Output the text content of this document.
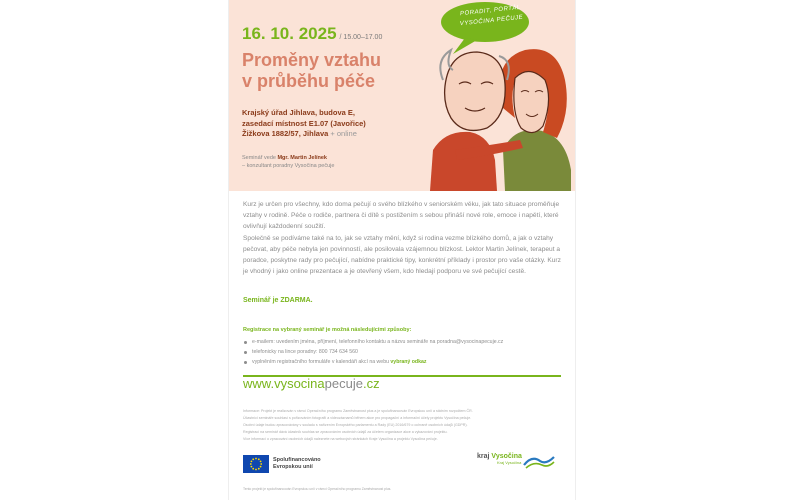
16. 10. 2025 / 15.00–17.00
Proměny vztahu
v průběhu péče
Krajský úřad Jihlava, budova E,
zasedací místnost E1.07 (Javořice)
Žižkova 1882/57, Jihlava + online
Seminář vede Mgr. Martin Jelínek
– konzultant poradny Vysočina pečuje
PORADIT, PORTÁL
VYSOČINA PEČUJE

Kurz je určen pro všechny, kdo doma pečují o svého blízkého v seniorském věku, jak tato situace proměňuje vztahy v rodině. Péče o rodiče, partnera či dítě s postižením s sebou přináší nové role, emoce i napětí, které ovlivňují každodenní soužití.

Společně se podíváme také na to, jak se vztahy mění, když si rodina vezme blízkého domů, a jak o vztahy pečovat, aby péče nebyla jen povinností, ale posilovala vzájemnou blízkost. Lektor Martin Jelínek, terapeut a poradce, poskytne rady pro pečující, nabídne praktické tipy, konkrétní příklady i prostor pro vaše otázky. Kurz je vhodný i jako online prezentace a je otevřený všem, kdo hledají podporu ve své pečující cestě.

Seminář je ZDARMA.
Registrace na vybraný seminář je možná následujícími způsoby:
e-mailem: uvedením jména, příjmení, telefonního kontaktu a názvu semináře na poradna@vysocinapecuje.cz
telefonicky na lince poradny: 800 734 634 560
vyplněním registračního formuláře v kalendáři akcí na webu vybraný odkaz
www.vysocinapecuje.cz
Informace: Projekt je realizován v rámci Operačního programu Zaměstnanost plus a je spolufinancován Evropskou unií a státním rozpočtem ČR.
Účastníci semináře souhlasí s pořizováním fotografií a videozáznamů během akce pro propagační a informační účely projektu Vysočina pečuje.
Osobní údaje budou zpracovávány v souladu s nařízením Evropského parlamentu a Rady (EU) 2016/679 o ochraně osobních údajů (GDPR).
Registrací na seminář dává účastník souhlas se zpracováním osobních údajů za účelem organizace akce a vykazování projektu.
Více informací o zpracování osobních údajů naleznete na webových stránkách Kraje Vysočina a projektu Vysočina pečuje.
Spolufinancováno
Evropskou unií
kraj Vysočina
Kraj Vysočina
Tento projekt je spolufinancován Evropskou unií v rámci Operačního programu Zaměstnanost plus.
